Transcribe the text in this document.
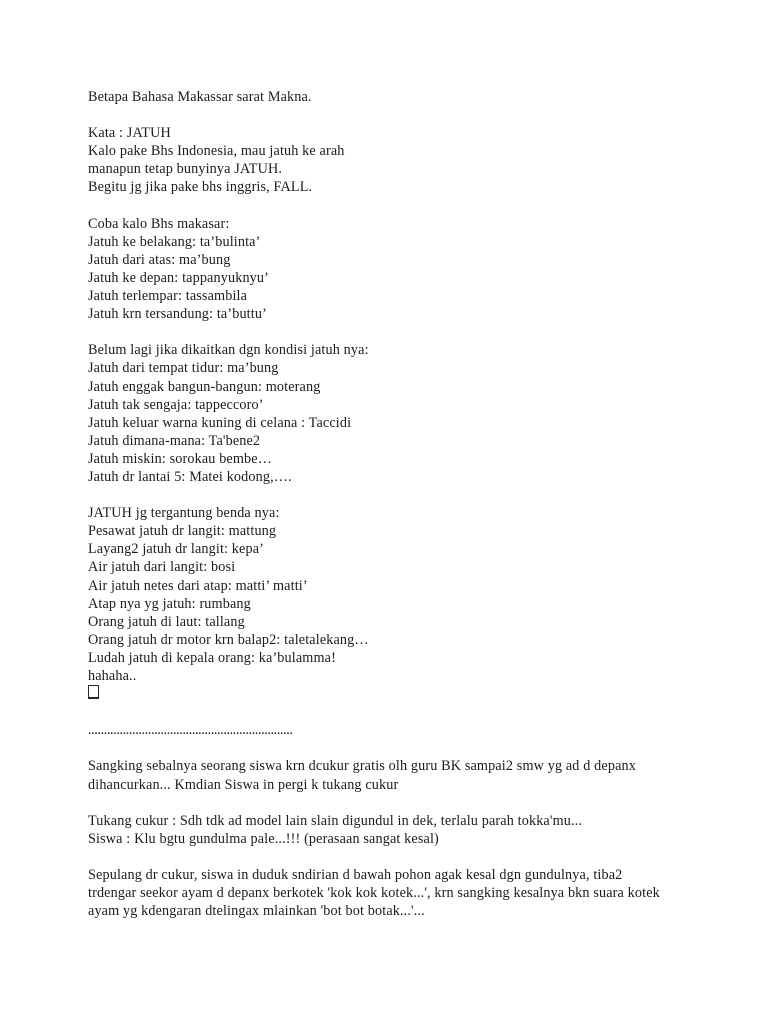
Betapa Bahasa Makassar sarat Makna.

Kata : JATUH

Kalo pake Bhs Indonesia, mau jatuh ke arah

manapun tetap bunyinya JATUH.

Begitu jg jika pake bhs inggris, FALL.

Coba kalo Bhs makasar:

Jatuh ke belakang: ta’bulinta’

Jatuh dari atas: ma’bung

Jatuh ke depan: tappanyuknyu’

Jatuh terlempar: tassambila

Jatuh krn tersandung: ta’buttu’

Belum lagi jika dikaitkan dgn kondisi jatuh nya:

Jatuh dari tempat tidur: ma’bung

Jatuh enggak bangun-bangun: moterang

Jatuh tak sengaja: tappeccoro’

Jatuh keluar warna kuning di celana : Taccidi

Jatuh dimana-mana: Ta'bene2

Jatuh miskin: sorokau bembe…

Jatuh dr lantai 5: Matei kodong,….

JATUH jg tergantung benda nya:

Pesawat jatuh dr langit: mattung

Layang2 jatuh dr langit: kepa’

Air jatuh dari langit: bosi

Air jatuh netes dari atap: matti’ matti’

Atap nya yg jatuh: rumbang

Orang jatuh di laut: tallang

Orang jatuh dr motor krn balap2: taletalekang…

Ludah jatuh di kepala orang: ka’bulamma!

hahaha..

.................................................................

Sangking sebalnya seorang siswa krn dcukur gratis olh guru BK sampai2 smw yg ad d depanx dihancurkan... Kmdian Siswa in pergi k tukang cukur

Tukang cukur : Sdh tdk ad model lain slain digundul in dek, terlalu parah tokka'mu...

Siswa : Klu bgtu gundulma pale...!!! (perasaan sangat kesal)

Sepulang dr cukur, siswa in duduk sndirian d bawah pohon agak kesal dgn gundulnya, tiba2 trdengar seekor ayam d depanx berkotek 'kok kok kotek...', krn sangking kesalnya bkn suara kotek ayam yg kdengaran dtelingax mlainkan 'bot bot botak...'...
